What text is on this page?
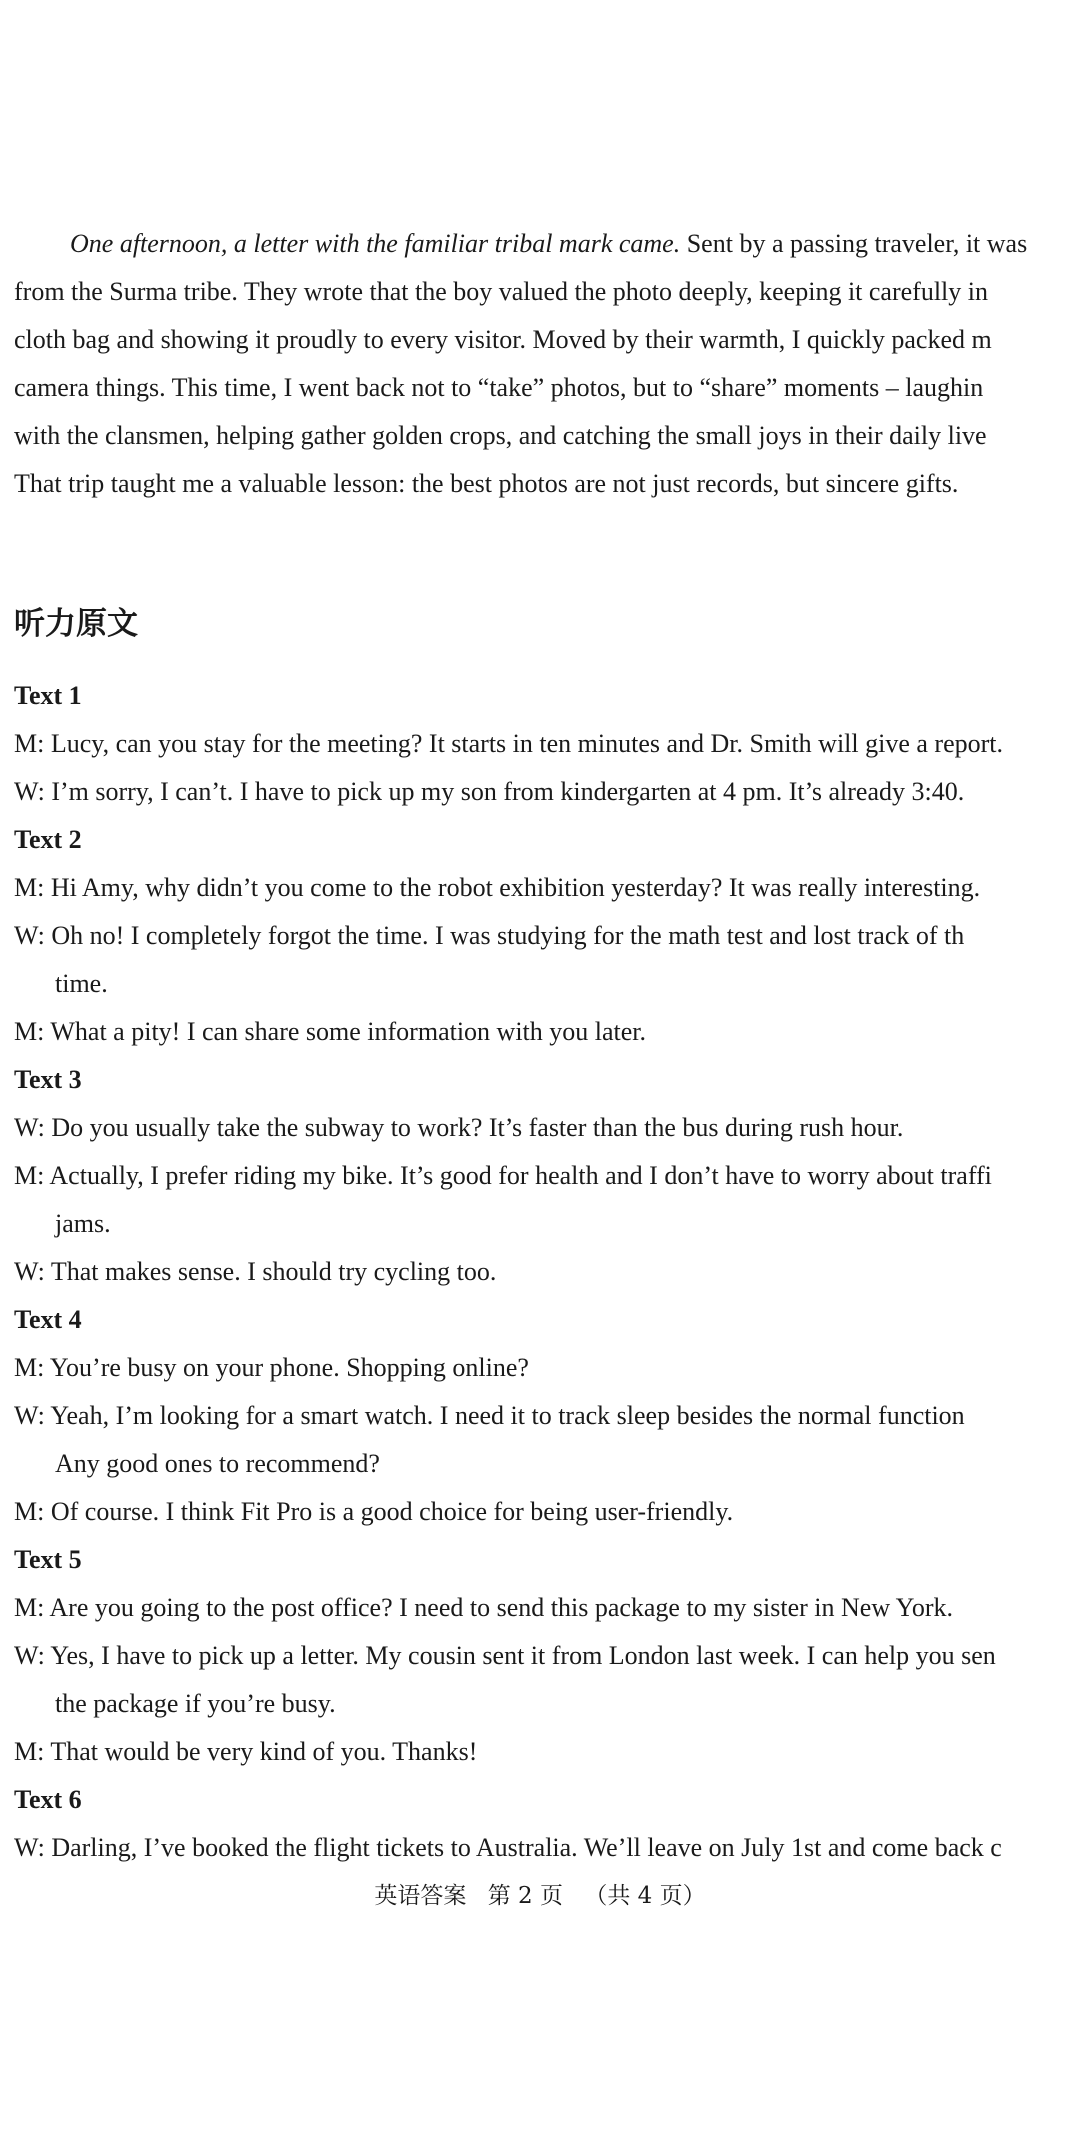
One afternoon, a letter with the familiar tribal mark came. Sent by a passing traveler, it was
from the Surma tribe. They wrote that the boy valued the photo deeply, keeping it carefully in
cloth bag and showing it proudly to every visitor. Moved by their warmth, I quickly packed m
camera things. This time, I went back not to “take” photos, but to “share” moments – laughin
with the clansmen, helping gather golden crops, and catching the small joys in their daily live
That trip taught me a valuable lesson: the best photos are not just records, but sincere gifts.
听力原文
Text 1
M: Lucy, can you stay for the meeting? It starts in ten minutes and Dr. Smith will give a report.
W: I’m sorry, I can’t. I have to pick up my son from kindergarten at 4 pm. It’s already 3:40.
Text 2
M: Hi Amy, why didn’t you come to the robot exhibition yesterday? It was really interesting.
W: Oh no! I completely forgot the time. I was studying for the math test and lost track of th
time.
M: What a pity! I can share some information with you later.
Text 3
W: Do you usually take the subway to work? It’s faster than the bus during rush hour.
M: Actually, I prefer riding my bike. It’s good for health and I don’t have to worry about traffi
jams.
W: That makes sense. I should try cycling too.
Text 4
M: You’re busy on your phone. Shopping online?
W: Yeah, I’m looking for a smart watch. I need it to track sleep besides the normal function
Any good ones to recommend?
M: Of course. I think Fit Pro is a good choice for being user-friendly.
Text 5
M: Are you going to the post office? I need to send this package to my sister in New York.
W: Yes, I have to pick up a letter. My cousin sent it from London last week. I can help you sen
the package if you’re busy.
M: That would be very kind of you. Thanks!
Text 6
W: Darling, I’ve booked the flight tickets to Australia. We’ll leave on July 1st and come back c
英语答案 第 2 页 （共 4 页）
